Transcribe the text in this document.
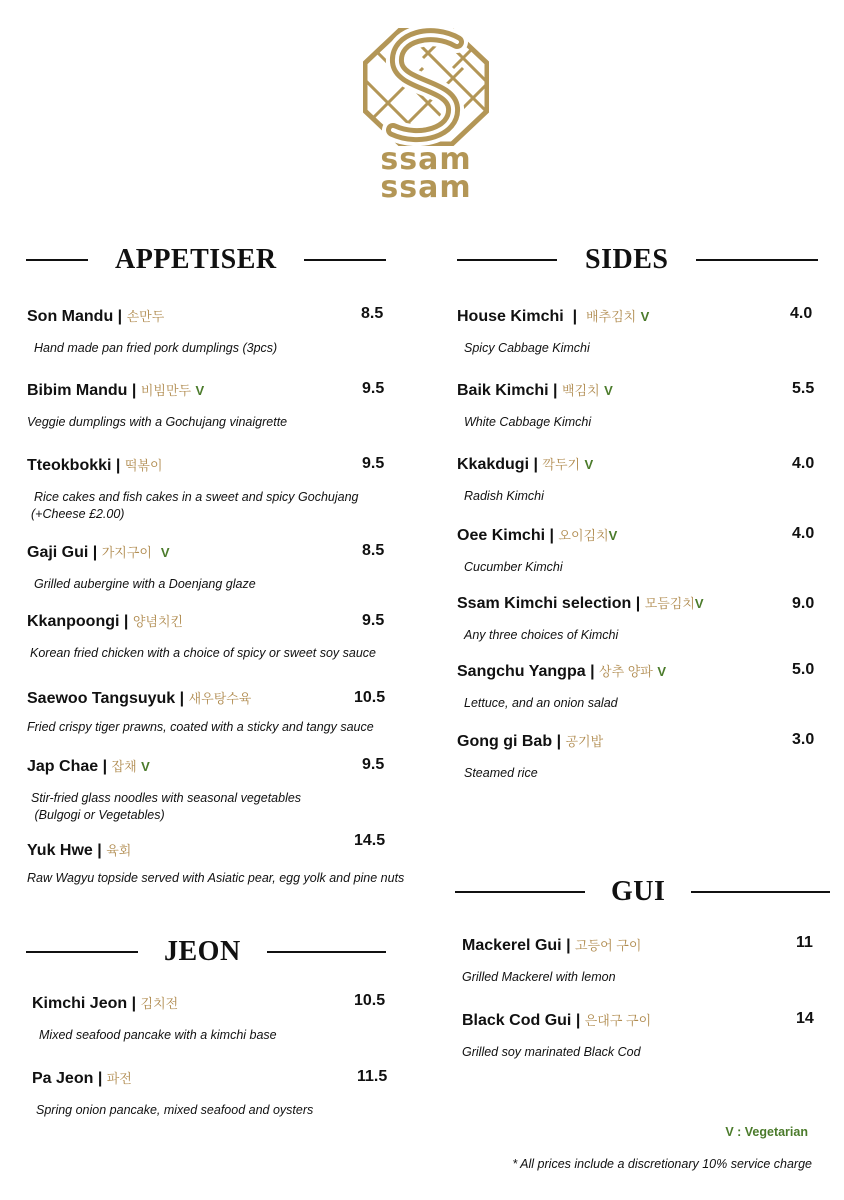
ssam
ssam
APPETISER	SIDES
JEON
GUI
Son Mandu | 손만두
Hand made pan fried pork dumplings (3pcs)
8.5
Bibim Mandu | 비빔만두 V
Veggie dumplings with a Gochujang vinaigrette
9.5
Tteokbokki | 떡볶이
Rice cakes and fish cakes in a sweet and spicy Gochujang
(+Cheese £2.00)
9.5
Gaji Gui | 가지구이 V
Grilled aubergine with a Doenjang glaze
8.5
Kkanpoongi | 양념치킨
Korean fried chicken with a choice of spicy or sweet soy sauce
9.5
Saewoo Tangsuyuk | 새우탕수육
Fried crispy tiger prawns, coated with a sticky and tangy sauce
10.5
Jap Chae | 잡채 V
Stir-fried glass noodles with seasonal vegetables
(Bulgogi or Vegetables)
9.5
Yuk Hwe | 육회
Raw Wagyu topside served with Asiatic pear, egg yolk and pine nuts
14.5
Kimchi Jeon | 김치전
Mixed seafood pancake with a kimchi base
10.5
Pa Jeon | 파전
Spring onion pancake, mixed seafood and oysters
11.5
House Kimchi | 배추김치 V
Spicy Cabbage Kimchi
4.0
Baik Kimchi | 백김치 V
White Cabbage Kimchi
5.5
Kkakdugi | 깍두기 V
Radish Kimchi
4.0
Oee Kimchi | 오이김치V
Cucumber Kimchi
4.0
Ssam Kimchi selection | 모듬김치V
Any three choices of Kimchi
9.0
Sangchu Yangpa | 상추 양파 V
Lettuce, and an onion salad
5.0
Gong gi Bab | 공기밥
Steamed rice
3.0
Mackerel Gui | 고등어 구이
Grilled Mackerel with lemon
11
Black Cod Gui | 은대구 구이
Grilled soy marinated Black Cod
14
V : Vegetarian
* All prices include a discretionary 10% service charge
